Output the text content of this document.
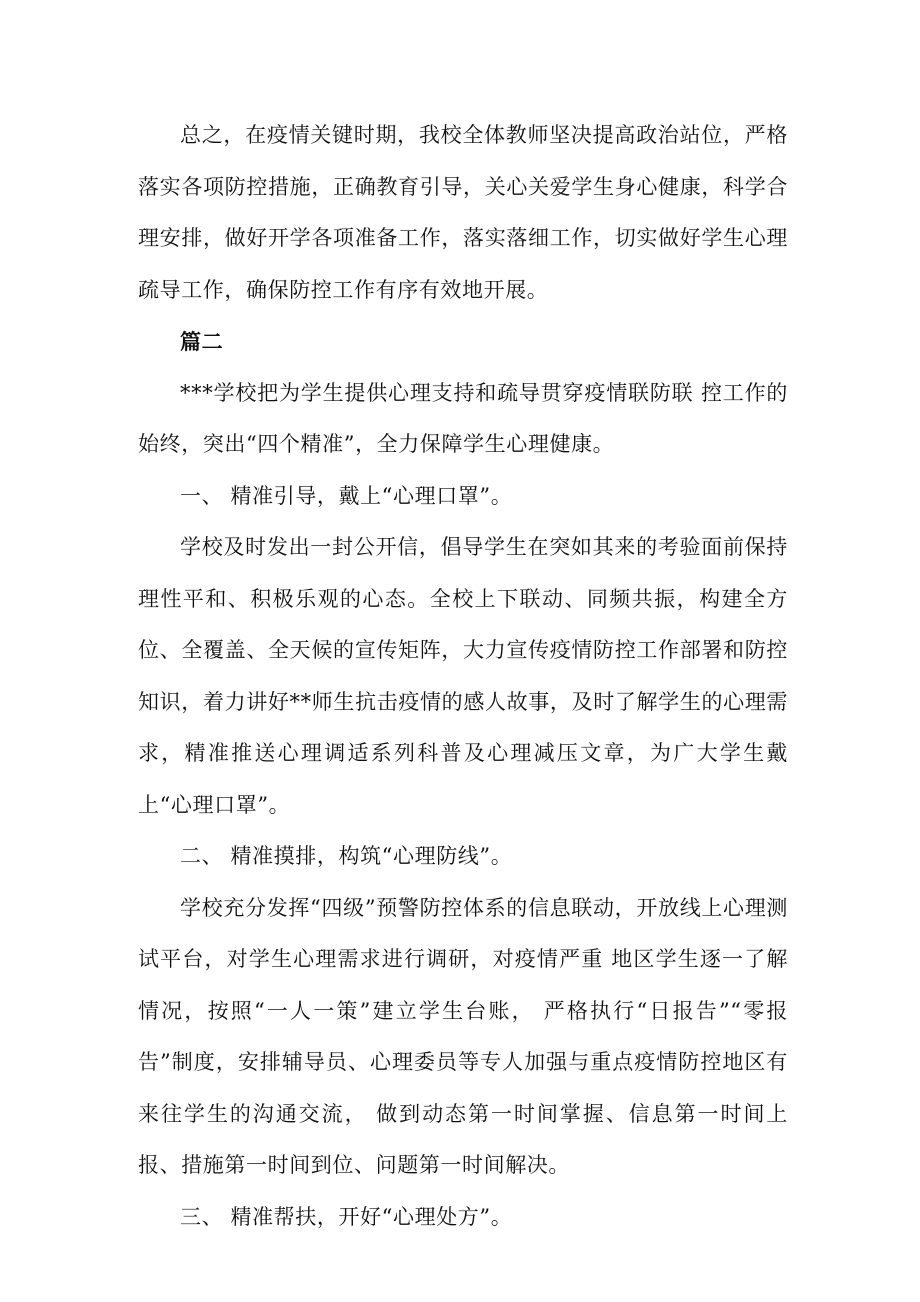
总之，在疫情关键时期，我校全体教师坚决提高政治站位，严格落实各项防控措施，正确教育引导，关心关爱学生身心健康，科学合理安排，做好开学各项准备工作，落实落细工作，切实做好学生心理疏导工作，确保防控工作有序有效地开展。

篇二

***学校把为学生提供心理支持和疏导贯穿疫情联防联 控工作的始终，突出“四个精准”，全力保障学生心理健康。

一、 精准引导，戴上“心理口罩”。

学校及时发出一封公开信，倡导学生在突如其来的考验面前保持理性平和、积极乐观的心态。全校上下联动、同频共振，构建全方位、全覆盖、全天候的宣传矩阵，大力宣传疫情防控工作部署和防控知识，着力讲好**师生抗击疫情的感人故事，及时了解学生的心理需求，精准推送心理调适系列科普及心理减压文章，为广大学生戴上“心理口罩”。

二、 精准摸排，构筑“心理防线”。

学校充分发挥“四级”预警防控体系的信息联动，开放线上心理测试平台，对学生心理需求进行调研，对疫情严重 地区学生逐一了解情况，按照“一人一策”建立学生台账， 严格执行“日报告”“零报告”制度，安排辅导员、心理委员等专人加强与重点疫情防控地区有来往学生的沟通交流， 做到动态第一时间掌握、信息第一时间上报、措施第一时间到位、问题第一时间解决。

三、 精准帮扶，开好“心理处方”。
